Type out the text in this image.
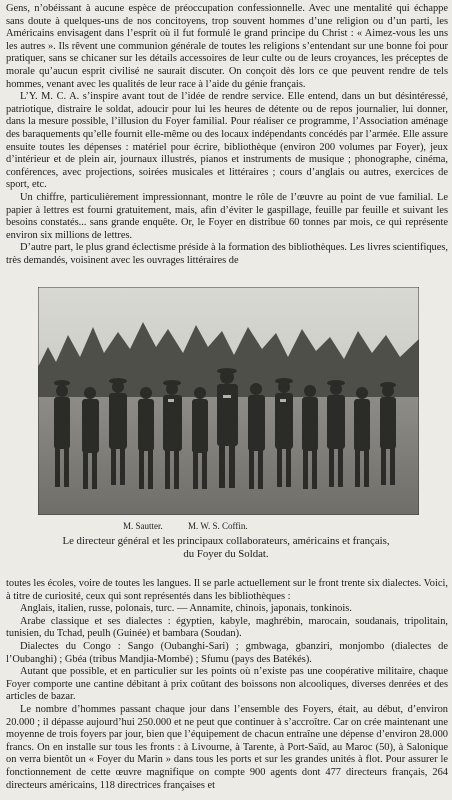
Gens, n’obéissant à aucune espèce de préoccupation confessionnelle. Avec une mentalité qui échappe sans doute à quelques-uns de nos concitoyens, trop souvent hommes d’une religion ou d’un parti, les Américains envisagent dans l’esprit où il fut formulé le grand principe du Christ : « Aimez-vous les uns les autres ». Ils rêvent une communion générale de toutes les religions s’entendant sur une bonne foi pour pratiquer, sans se chicaner sur les détails accessoires de leur culte ou de leurs croyances, les préceptes de morale qu’aucun esprit civilisé ne saurait discuter. On conçoit dès lors ce que peuvent rendre de tels hommes, venant avec les qualités de leur race à l’aide du génie français.

L’Y. M. C. A. s’inspire avant tout de l’idée de rendre service. Elle entend, dans un but désintéressé, patriotique, distraire le soldat, adoucir pour lui les heures de détente ou de repos journalier, lui donner, dans la mesure possible, l’illusion du Foyer familial. Pour réaliser ce programme, l’Association aménage des baraquements qu’elle fournit elle-même ou des locaux indépendants concédés par l’armée. Elle assure ensuite toutes les dépenses : matériel pour écrire, bibliothèque (environ 200 volumes par Foyer), jeux d’intérieur et de plein air, journaux illustrés, pianos et instruments de musique ; phonographe, cinéma, conférences, avec projections, soirées musicales et littéraires ; cours d’anglais ou autres, exercices de sport, etc.

Un chiffre, particulièrement impressionnant, montre le rôle de l’œuvre au point de vue familial. Le papier à lettres est fourni gratuitement, mais, afin d’éviter le gaspillage, feuille par feuille et suivant les besoins constatés... sans grande enquête. Or, le Foyer en distribue 60 tonnes par mois, ce qui représente environ six millions de lettres.

D’autre part, le plus grand éclectisme préside à la formation des bibliothèques. Les livres scientifiques, très demandés, voisinent avec les ouvrages littéraires de

M. Sautter.	M. W. S. Coffin.
Le directeur général et les principaux collaborateurs, américains et français,
du Foyer du Soldat.

toutes les écoles, voire de toutes les langues. Il se parle actuellement sur le front trente six dialectes. Voici, à titre de curiosité, ceux qui sont représentés dans les bibliothèques :

Anglais, italien, russe, polonais, turc. — Annamite, chinois, japonais, tonkinois.

Arabe classique et ses dialectes : égyptien, kabyle, maghrébin, marocain, soudanais, tripolitain, tunisien, du Tchad, peulh (Guinée) et bambara (Soudan).

Dialectes du Congo : Sango (Oubanghi-Sari) ; gmbwaga, gbanziri, monjombo (dialectes de l’Oubanghi) ; Gbéa (tribus Mandjia-Mombé) ; Sfumu (pays des Batékés).

Autant que possible, et en particulier sur les points où n’existe pas une coopérative militaire, chaque Foyer comporte une cantine débitant à prix coûtant des boissons non alcooliques, diverses denrées et des articles de bazar.

Le nombre d’hommes passant chaque jour dans l’ensemble des Foyers, était, au début, d’environ 20.000 ; il dépasse aujourd’hui 250.000 et ne peut que continuer à s’accroître. Car on crée maintenant une moyenne de trois foyers par jour, bien que l’équipement de chacun entraîne une dépense d’environ 28.000 francs. On en installe sur tous les fronts : à Livourne, à Tarente, à Port-Saïd, au Maroc (50), à Salonique on verra bientôt un « Foyer du Marin » dans tous les ports et sur les grandes unités à flot. Pour assurer le fonctionnement de cette œuvre magnifique on compte 900 agents dont 477 directeurs français, 264 directeurs américains, 118 directrices françaises et
